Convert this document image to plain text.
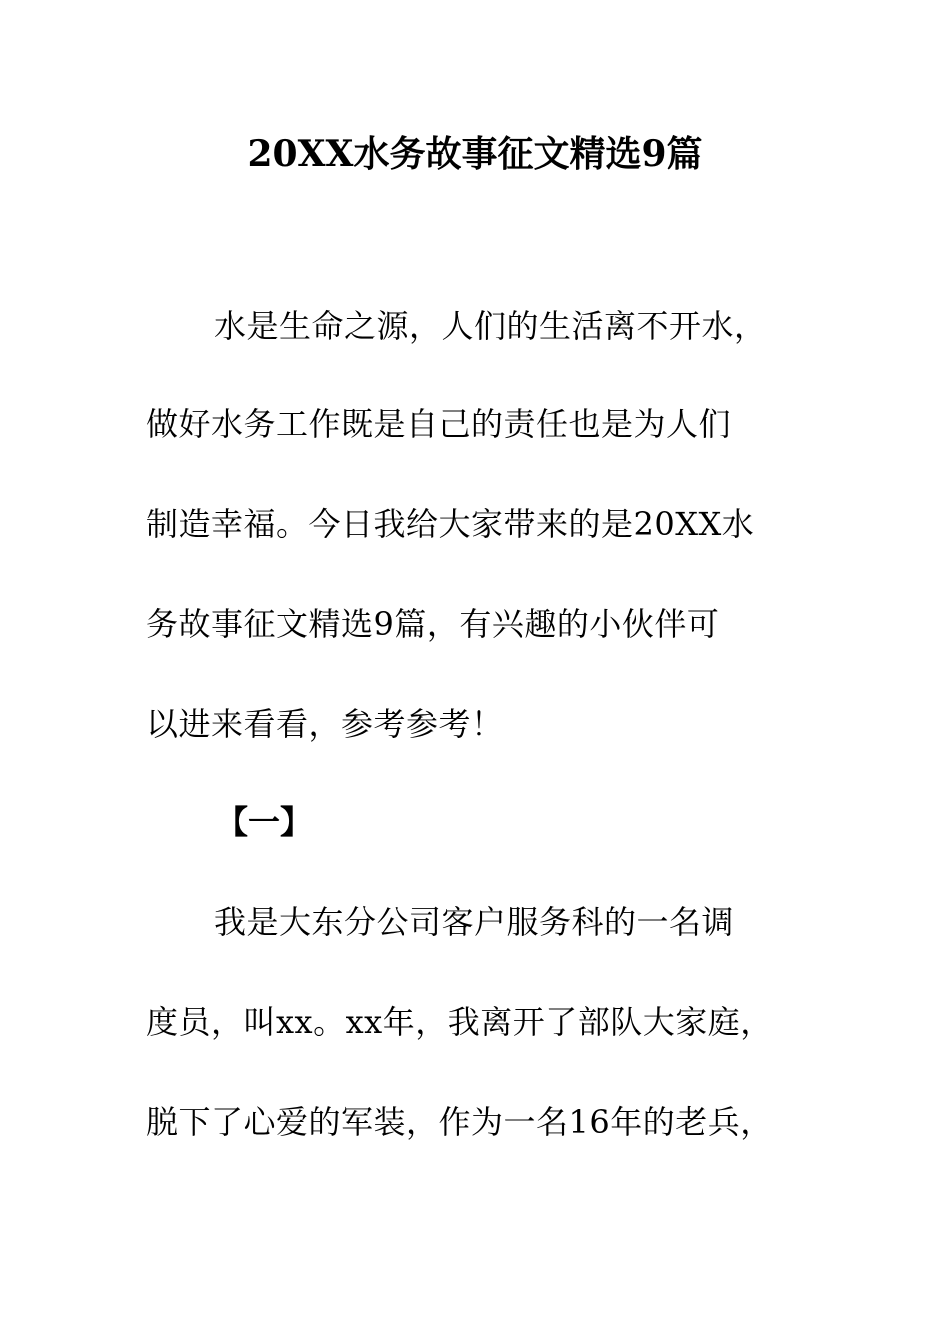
20XX水务故事征文精选9篇
水是生命之源，人们的生活离不开水，
做好水务工作既是自己的责任也是为人们
制造幸福。今日我给大家带来的是20XX水
务故事征文精选9篇，有兴趣的小伙伴可
以进来看看，参考参考！
【一】
我是大东分公司客户服务科的一名调
度员，叫xx。xx年，我离开了部队大家庭，
脱下了心爱的军装，作为一名16年的老兵，
